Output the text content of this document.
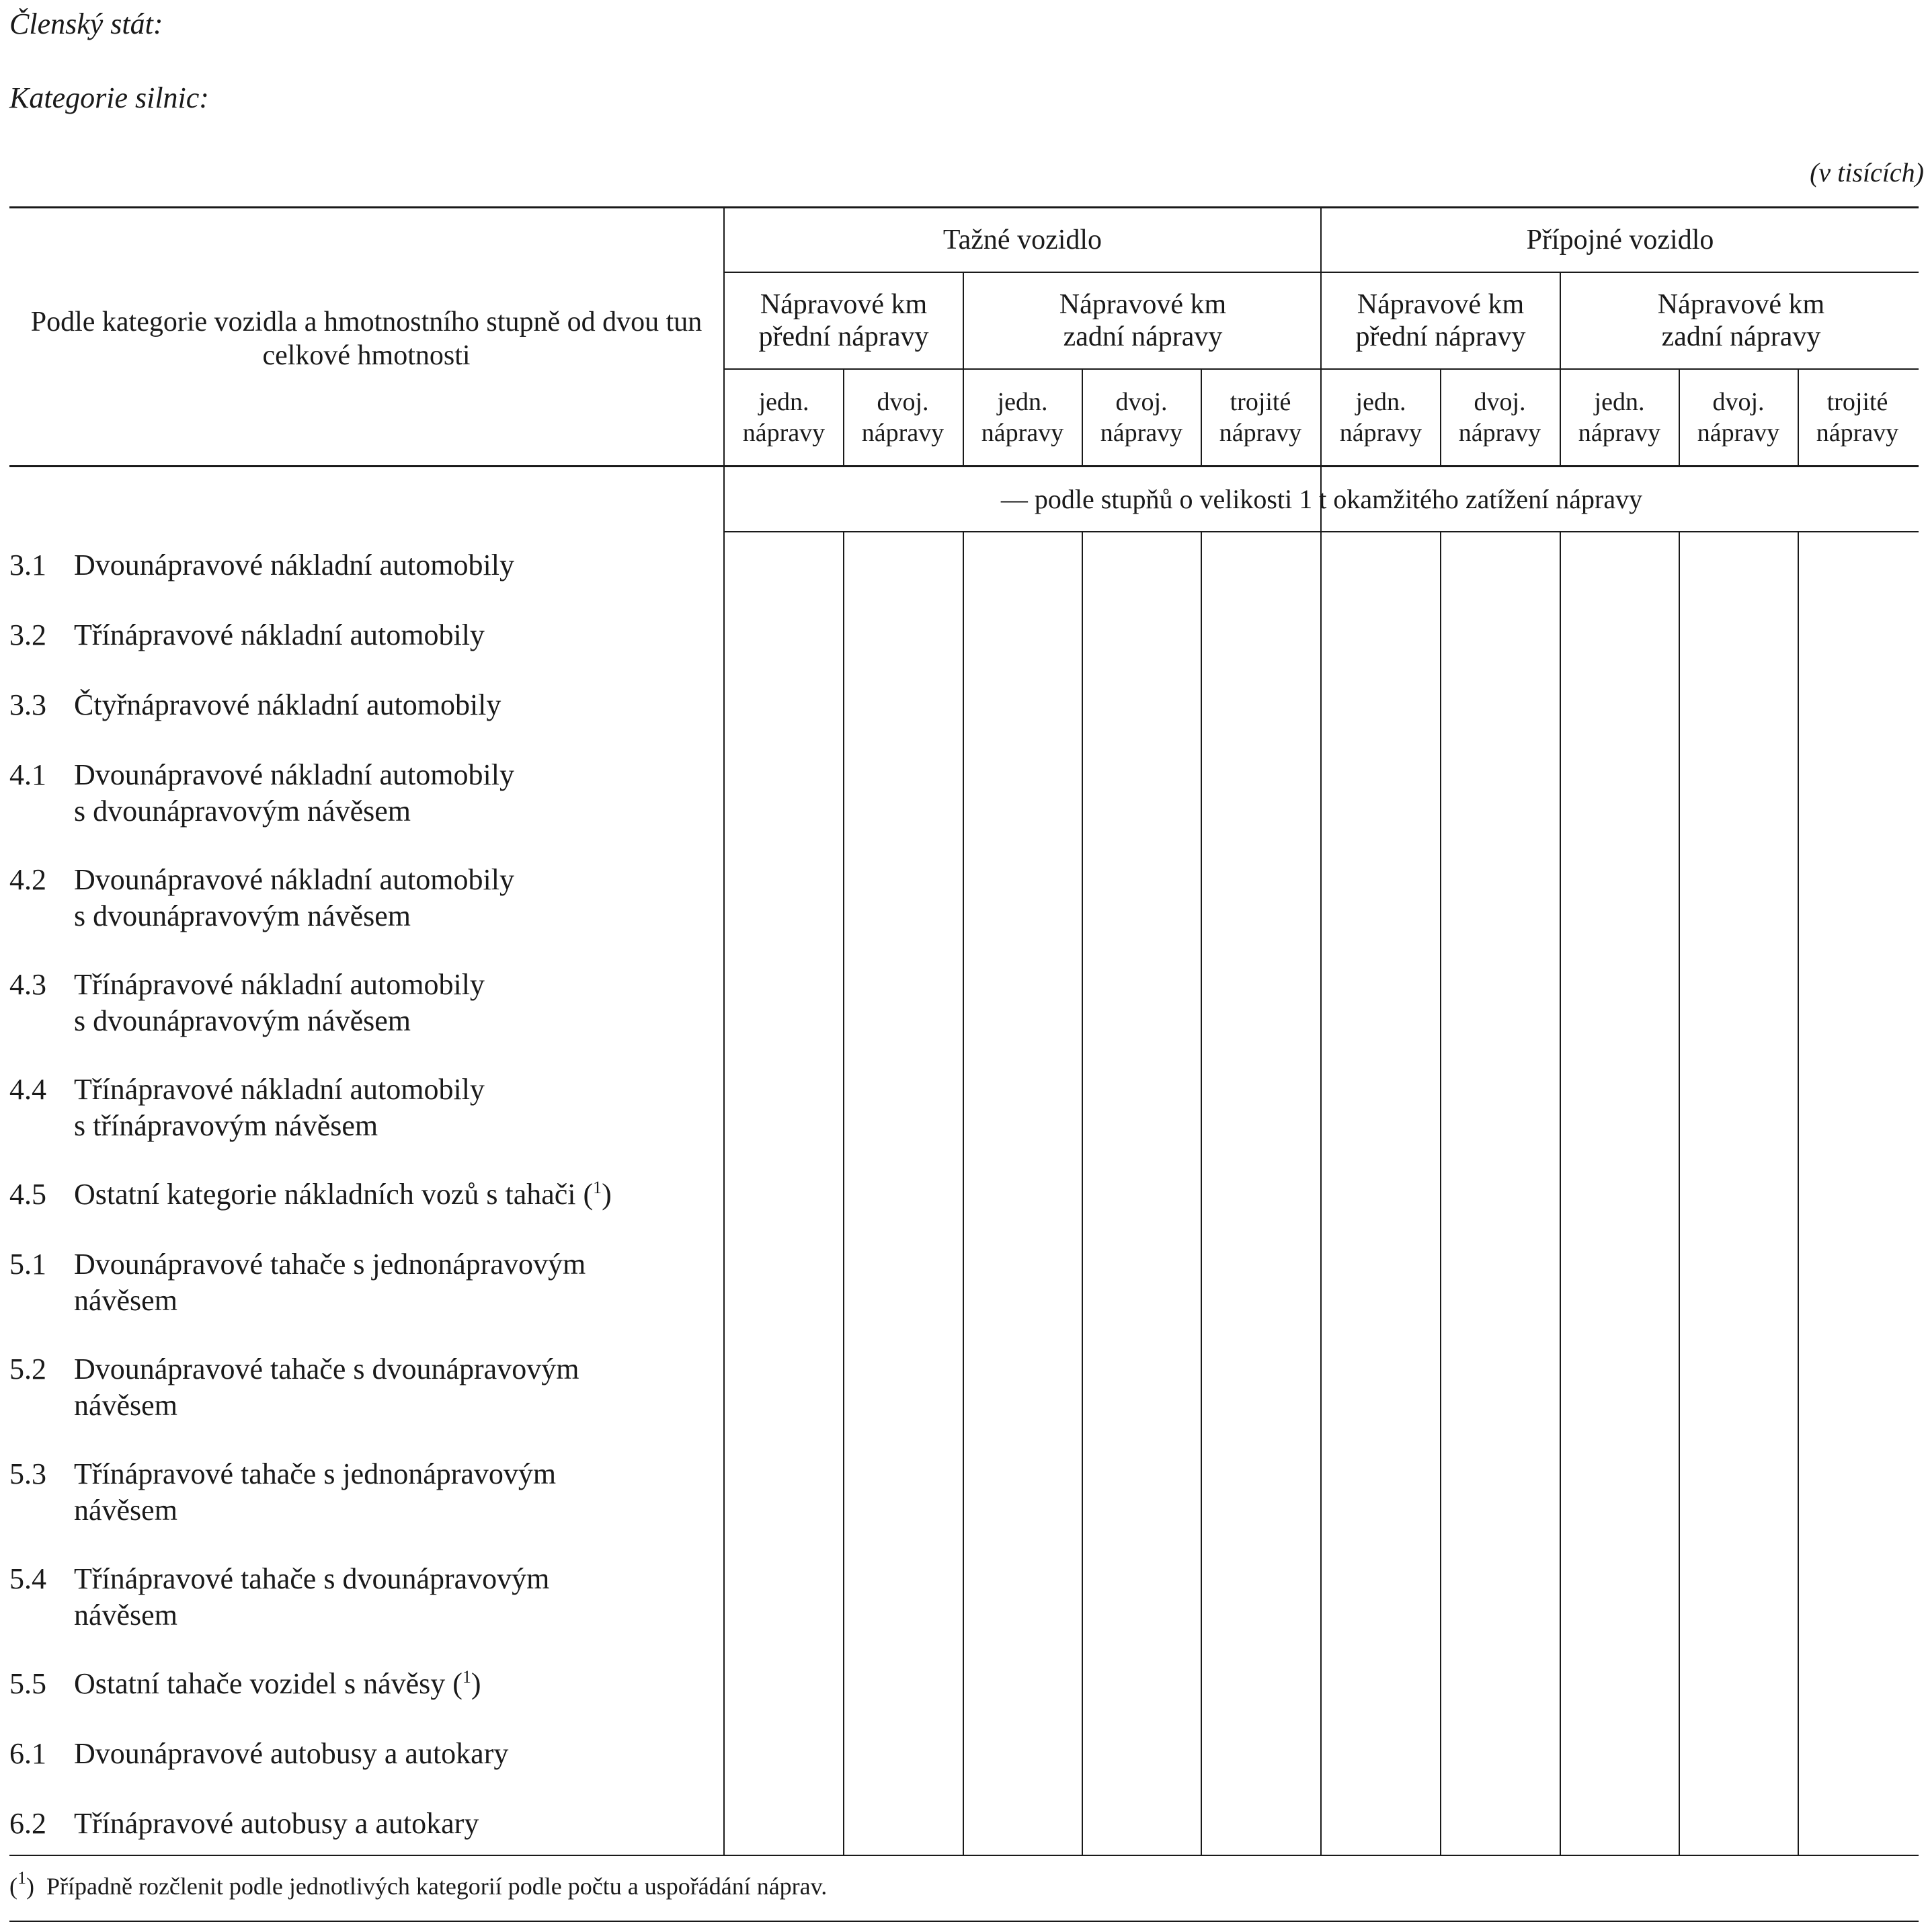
Členský stát:
Kategorie silnic:
(v tisících)
Podle kategorie vozidla a hmotnostního stupně od dvou tun celkové hmotnosti
Tažné vozidlo	Přípojné vozidlo
Nápravové km přední nápravy
Nápravové km zadní nápravy
Nápravové km přední nápravy
Nápravové km zadní nápravy
jedn. nápravy
dvoj. nápravy
jedn. nápravy
dvoj. nápravy
trojité nápravy
jedn. nápravy
dvoj. nápravy
jedn. nápravy
dvoj. nápravy
trojité nápravy
— podle stupňů o velikosti 1 t okamžitého zatížení nápravy
3.1 Dvounápravové nákladní automobily
3.2 Třínápravové nákladní automobily
3.3 Čtyřnápravové nákladní automobily
4.1 Dvounápravové nákladní automobily
s dvounápravovým návěsem
4.2 Dvounápravové nákladní automobily
s dvounápravovým návěsem
4.3 Třínápravové nákladní automobily
s dvounápravovým návěsem
4.4 Třínápravové nákladní automobily
s třínápravovým návěsem
4.5 Ostatní kategorie nákladních vozů s tahači ($^1$)
5.1 Dvounápravové tahače s jednonápravovým
návěsem
5.2 Dvounápravové tahače s dvounápravovým
návěsem
5.3 Třínápravové tahače s jednonápravovým
návěsem
5.4 Třínápravové tahače s dvounápravovým
návěsem
5.5 Ostatní tahače vozidel s návěsy ($^1$)
6.1 Dvounápravové autobusy a autokary
6.2 Třínápravové autobusy a autokary
($^1$)  Případně rozčlenit podle jednotlivých kategorií podle počtu a uspořádání náprav.
